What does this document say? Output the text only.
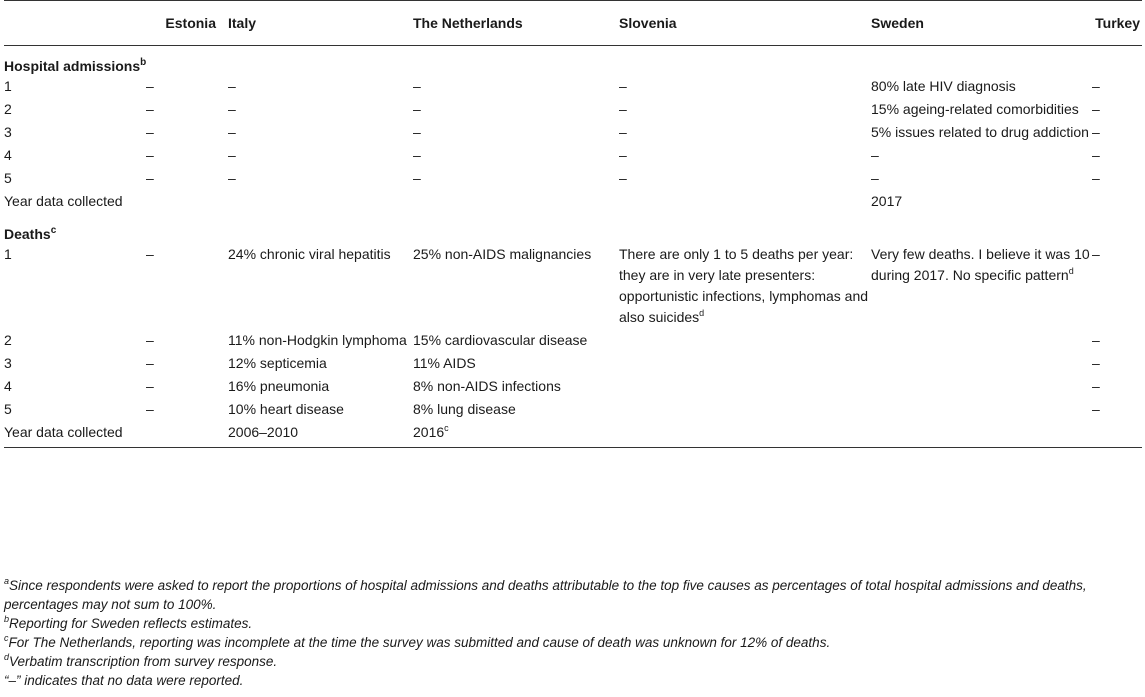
	Estonia	Italy	The Netherlands	Slovenia	Sweden	Turkey
Hospital admissions$^b$
1	–	–	–	–	80% late HIV diagnosis	–
2	–	–	–	–	15% ageing-related comorbidities	–
3	–	–	–	–	5% issues related to drug addiction	–
4	–	–	–	–	–	–
5	–	–	–	–	–	–
Year data collected					2017	
Deaths$^c$
1	–	24% chronic viral hepatitis	25% non-AIDS malignancies	There are only 1 to 5 deaths per year: they are in very late presenters: opportunistic infections, lymphomas and also suicides$^d$	Very few deaths. I believe it was 10 during 2017. No specific pattern$^d$	–
2	–	11% non-Hodgkin lymphoma	15% cardiovascular disease			–
3	–	12% septicemia	11% AIDS			–
4	–	16% pneumonia	8% non-AIDS infections			–
5	–	10% heart disease	8% lung disease			–
Year data collected		2006–2010	2016$^c$			

$^a$Since respondents were asked to report the proportions of hospital admissions and deaths attributable to the top five causes as percentages of total hospital admissions and deaths, percentages may not sum to 100%.

$^b$Reporting for Sweden reflects estimates.

$^c$For The Netherlands, reporting was incomplete at the time the survey was submitted and cause of death was unknown for 12% of deaths.

$^d$Verbatim transcription from survey response.

“–” indicates that no data were reported.
